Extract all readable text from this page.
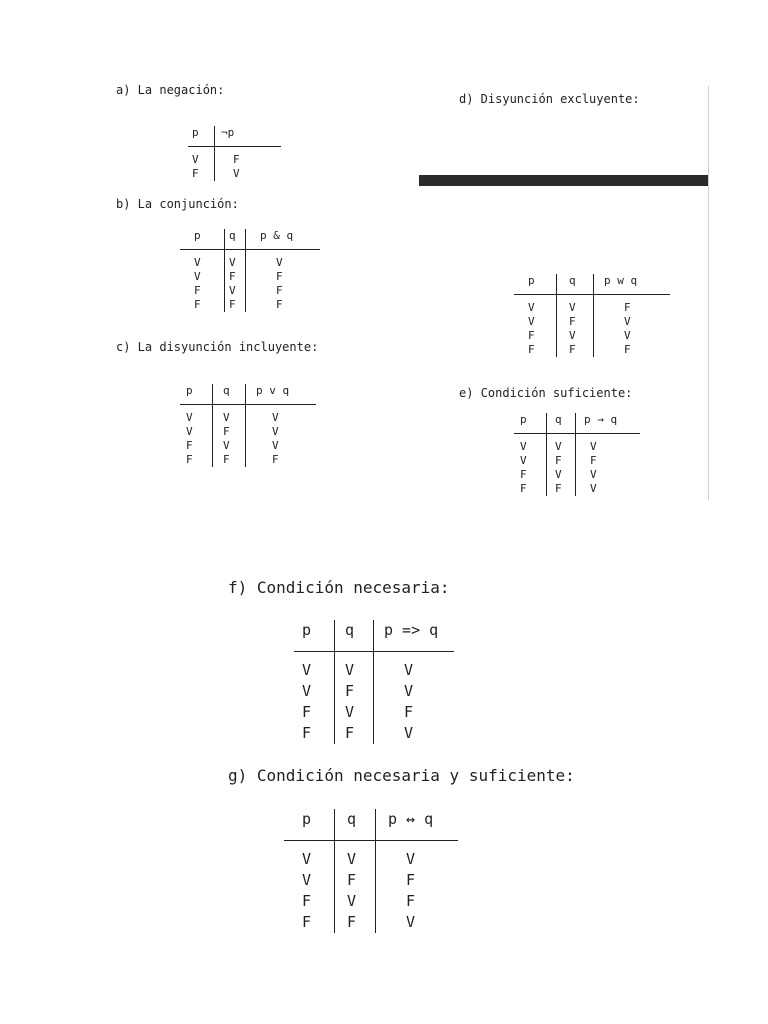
a) La negación:
p	¬p
V	F
F	V
b) La conjunción:
p	q	p & q
V	V	V
V	F	F
F	V	F
F	F	F
c) La disyunción incluyente:
p	q	p v q
V	V	V
V	F	V
F	V	V
F	F	F
d) Disyunción excluyente:
p	q	p w q
V	V	F
V	F	V
F	V	V
F	F	F
e) Condición suficiente:
p	q	p → q
V	V	V
V	F	F
F	V	V
F	F	V
f) Condición necesaria:
p	q	p => q
V	V	V
V	F	V
F	V	F
F	F	V
g) Condición necesaria y suficiente:
p	q	p ↔ q
V	V	V
V	F	F
F	V	F
F	F	V
